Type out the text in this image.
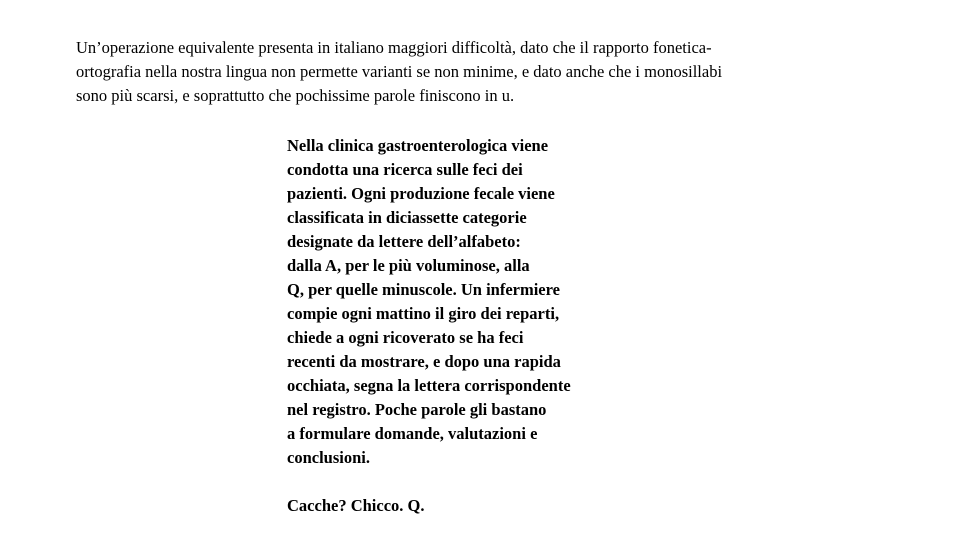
Un’operazione equivalente presenta in italiano maggiori difficoltà, dato che il rapporto fonetica-
ortografia nella nostra lingua non permette varianti se non minime, e dato anche che i monosillabi
sono più scarsi, e soprattutto che pochissime parole finiscono in u.
Nella clinica gastroenterologica viene
condotta una ricerca sulle feci dei
pazienti. Ogni produzione fecale viene
classificata in diciassette categorie
designate da lettere dell’alfabeto:
dalla A, per le più voluminose, alla
Q, per quelle minuscole. Un infermiere
compie ogni mattino il giro dei reparti,
chiede a ogni ricoverato se ha feci
recenti da mostrare, e dopo una rapida
occhiata, segna la lettera corrispondente
nel registro. Poche parole gli bastano
a formulare domande, valutazioni e
conclusioni.

Cacche? Chicco. Q.
